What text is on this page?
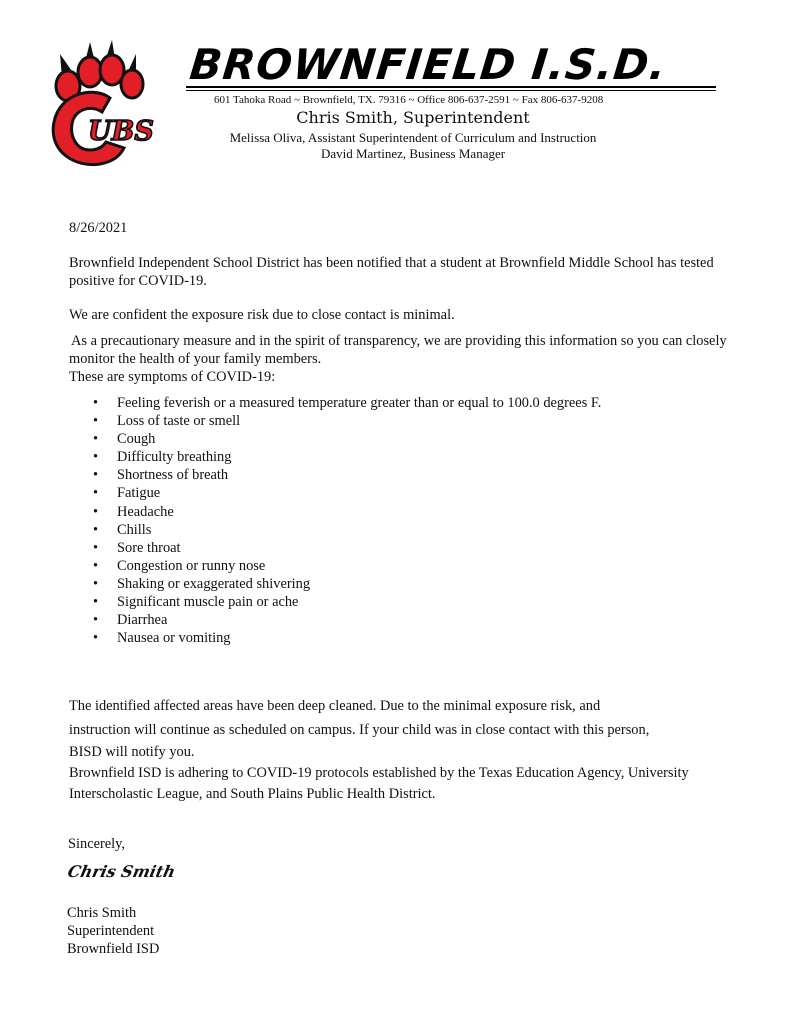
UBS
BROWNFIELD I.S.D.
601 Tahoka Road ~ Brownfield, TX. 79316 ~ Office 806-637-2591 ~ Fax 806-637-9208
Chris Smith, Superintendent
Melissa Oliva, Assistant Superintendent of Curriculum and Instruction
David Martinez, Business Manager

8/26/2021

Brownfield Independent School District has been notified that a student at Brownfield Middle School has tested positive for COVID-19.

We are confident the exposure risk due to close contact is minimal.

As a precautionary measure and in the spirit of transparency, we are providing this information so you can closely monitor the health of your family members.

These are symptoms of COVID-19:

• Feeling feverish or a measured temperature greater than or equal to 100.0 degrees F.
• Loss of taste or smell
• Cough
• Difficulty breathing
• Shortness of breath
• Fatigue
• Headache
• Chills
• Sore throat
• Congestion or runny nose
• Shaking or exaggerated shivering
• Significant muscle pain or ache
• Diarrhea
• Nausea or vomiting

The identified affected areas have been deep cleaned. Due to the minimal exposure risk, and

instruction will continue as scheduled on campus. If your child was in close contact with this person,

BISD will notify you.

Brownfield ISD is adhering to COVID-19 protocols established by the Texas Education Agency, University Interscholastic League, and South Plains Public Health District.

Sincerely,
Chris Smith
Chris Smith
Superintendent
Brownfield ISD
